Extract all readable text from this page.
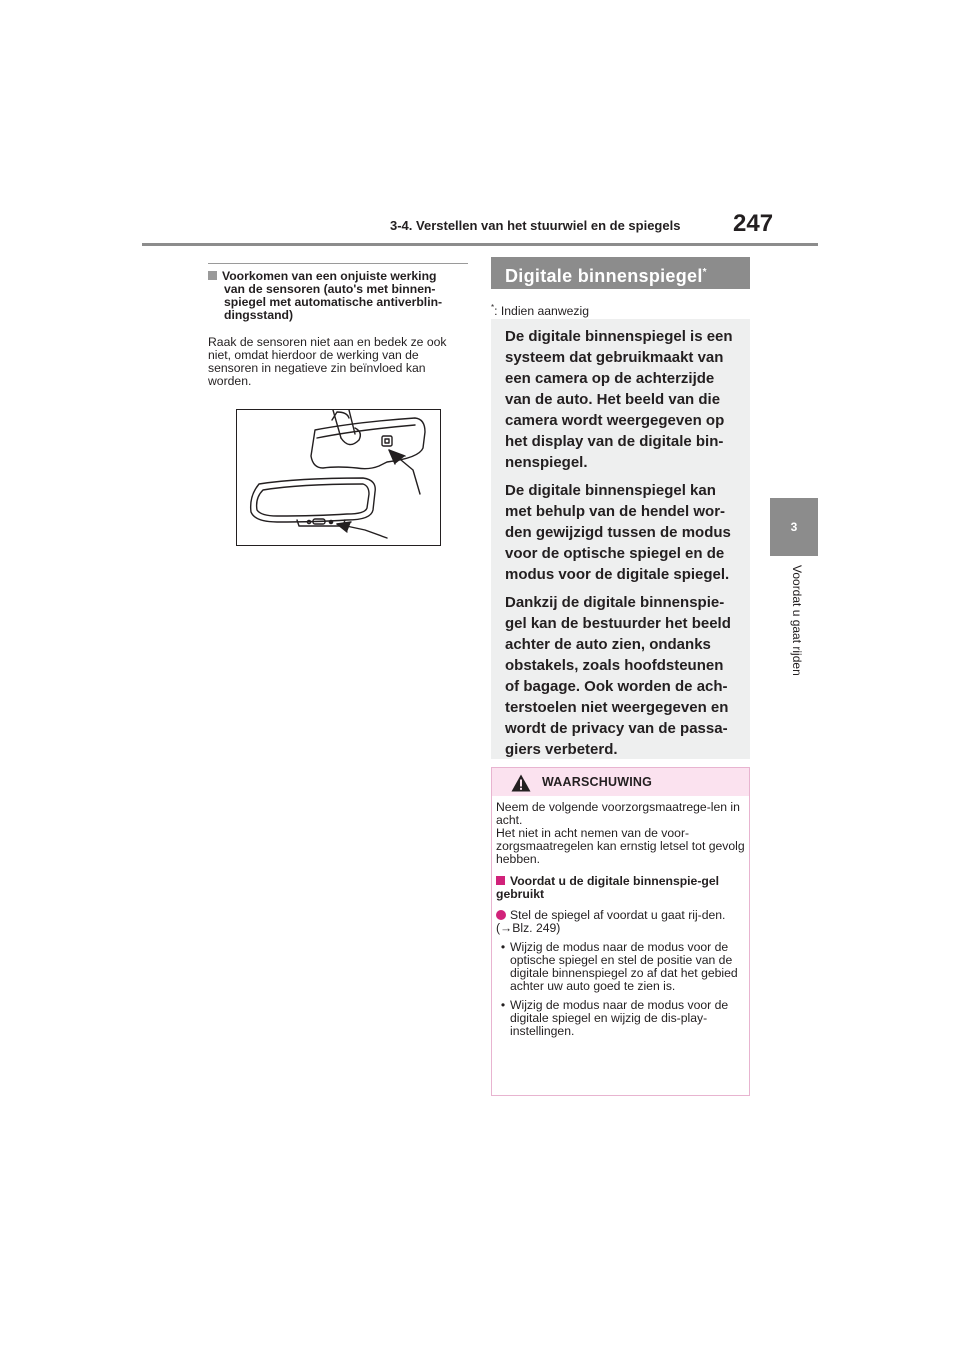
3-4. Verstellen van het stuurwiel en de spiegels 247
3
Voordat u gaat rijden
Voorkomen van een onjuiste werking
van de sensoren (auto's met binnen-spiegel met automatische antiverblin-dingsstand)
Raak de sensoren niet aan en bedek ze ook niet, omdat hierdoor de werking van de sensoren in negatieve zin beïnvloed kan worden.
Digitale binnenspiegel*
*: Indien aanwezig

De digitale binnenspiegel is een systeem dat gebruikmaakt van een camera op de achterzijde van de auto. Het beeld van die camera wordt weergegeven op het display van de digitale bin-nenspiegel.

De digitale binnenspiegel kan met behulp van de hendel wor-den gewijzigd tussen de modus voor de optische spiegel en de modus voor de digitale spiegel.

Dankzij de digitale binnenspie-gel kan de bestuurder het beeld achter de auto zien, ondanks obstakels, zoals hoofdsteunen of bagage. Ook worden de ach-terstoelen niet weergegeven en wordt de privacy van de passa-giers verbeterd.

WAARSCHUWING

Neem de volgende voorzorgsmaatrege-len in acht.

Het niet in acht nemen van de voor-zorgsmaatregelen kan ernstig letsel tot gevolg hebben.

Voordat u de digitale binnenspie-gel gebruikt

Stel de spiegel af voordat u gaat rij-den. (→Blz. 249)

• Wijzig de modus naar de modus voor de optische spiegel en stel de positie van de digitale binnenspiegel zo af dat het gebied achter uw auto goed te zien is.
• Wijzig de modus naar de modus voor de digitale spiegel en wijzig de dis-play-instellingen.
